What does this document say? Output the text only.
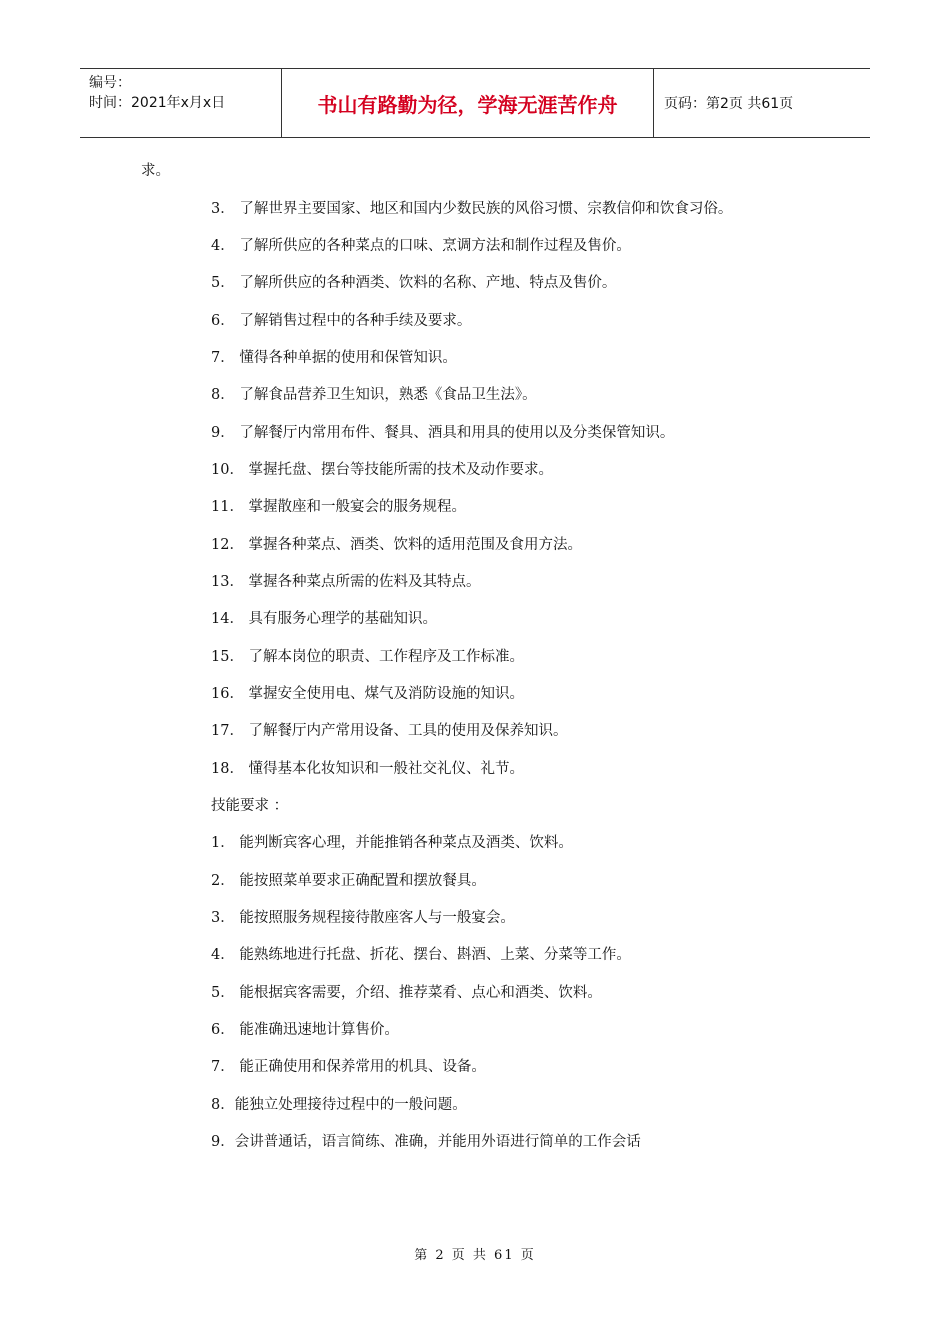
编号：
时间：2021年x月x日	书山有路勤为径，学海无涯苦作舟	页码：第2页 共61页
求。
3． 了解世界主要国家、地区和国内少数民族的风俗习惯、宗教信仰和饮食习俗。
4． 了解所供应的各种菜点的口味、烹调方法和制作过程及售价。
5． 了解所供应的各种酒类、饮料的名称、产地、特点及售价。
6． 了解销售过程中的各种手续及要求。
7． 懂得各种单据的使用和保管知识。
8． 了解食品营养卫生知识，熟悉《食品卫生法》。
9． 了解餐厅内常用布件、餐具、酒具和用具的使用以及分类保管知识。
10． 掌握托盘、摆台等技能所需的技术及动作要求。
11． 掌握散座和一般宴会的服务规程。
12． 掌握各种菜点、酒类、饮料的适用范围及食用方法。
13． 掌握各种菜点所需的佐料及其特点。
14． 具有服务心理学的基础知识。
15． 了解本岗位的职责、工作程序及工作标准。
16． 掌握安全使用电、煤气及消防设施的知识。
17． 了解餐厅内产常用设备、工具的使用及保养知识。
18． 懂得基本化妆知识和一般社交礼仪、礼节。
技能要求 ：
1． 能判断宾客心理，并能推销各种菜点及酒类、饮料。
2． 能按照菜单要求正确配置和摆放餐具。
3． 能按照服务规程接待散座客人与一般宴会。
4． 能熟练地进行托盘、折花、摆台、斟酒、上菜、分菜等工作。
5． 能根据宾客需要，介绍、推荐菜肴、点心和酒类、饮料。
6． 能准确迅速地计算售价。
7． 能正确使用和保养常用的机具、设备。
8．能独立处理接待过程中的一般问题。
9．会讲普通话，语言简练、准确，并能用外语进行简单的工作会话
第 2 页 共 61 页
